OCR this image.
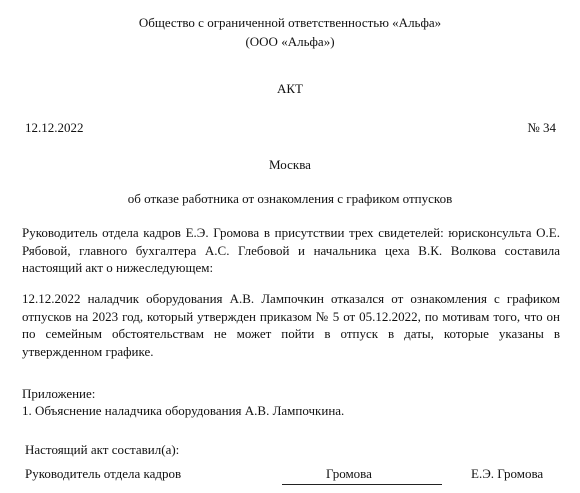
Общество с ограниченной ответственностью «Альфа»
(ООО «Альфа»)
АКТ
12.12.2022	№ 34
Москва
об отказе работника от ознакомления с графиком отпусков
Руководитель отдела кадров Е.Э. Громова в присутствии трех свидетелей: юрисконсульта О.Е. Рябовой, главного бухгалтера А.С. Глебовой и начальника цеха В.К. Волкова составила настоящий акт о нижеследующем:
12.12.2022 наладчик оборудования А.В. Лампочкин отказался от ознакомления с графиком отпусков на 2023 год, который утвержден приказом № 5 от 05.12.2022, по мотивам того, что он по семейным обстоятельствам не может пойти в отпуск в даты, которые указаны в утвержденном графике.
Приложение:
1. Объяснение наладчика оборудования А.В. Лампочкина.
Настоящий акт составил(а):
Руководитель отдела кадров	Громова	Е.Э. Громова
